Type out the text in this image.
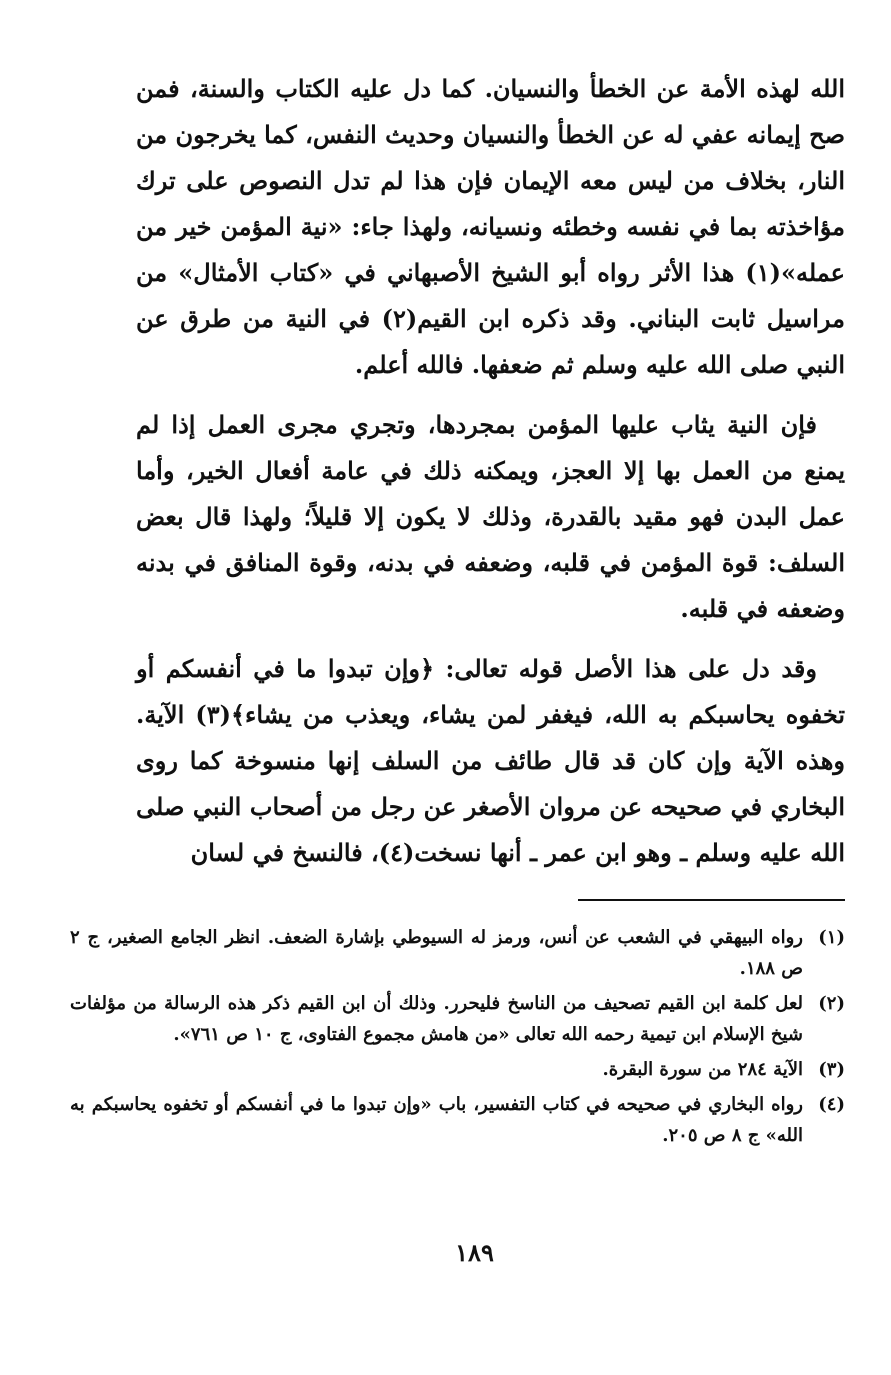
الله لهذه الأمة عن الخطأ والنسيان. كما دل عليه الكتاب والسنة، فمن صح إيمانه عفي له عن الخطأ والنسيان وحديث النفس، كما يخرجون من النار، بخلاف من ليس معه الإيمان فإن هذا لم تدل النصوص على ترك مؤاخذته بما في نفسه وخطئه ونسيانه، ولهذا جاء: «نية المؤمن خير من عمله»(١) هذا الأثر رواه أبو الشيخ الأصبهاني في «كتاب الأمثال» من مراسيل ثابت البناني. وقد ذكره ابن القيم(٢) في النية من طرق عن النبي صلى الله عليه وسلم ثم ضعفها. فالله أعلم.

فإن النية يثاب عليها المؤمن بمجردها، وتجري مجرى العمل إذا لم يمنع من العمل بها إلا العجز، ويمكنه ذلك في عامة أفعال الخير، وأما عمل البدن فهو مقيد بالقدرة، وذلك لا يكون إلا قليلاً؛ ولهذا قال بعض السلف: قوة المؤمن في قلبه، وضعفه في بدنه، وقوة المنافق في بدنه وضعفه في قلبه.

وقد دل على هذا الأصل قوله تعالى: ﴿وإن تبدوا ما في أنفسكم أو تخفوه يحاسبكم به الله، فيغفر لمن يشاء، ويعذب من يشاء﴾(٣) الآية. وهذه الآية وإن كان قد قال طائف من السلف إنها منسوخة كما روى البخاري في صحيحه عن مروان الأصغر عن رجل من أصحاب النبي صلى الله عليه وسلم ـ وهو ابن عمر ـ أنها نسخت(٤)، فالنسخ في لسان

(١)
رواه البيهقي في الشعب عن أنس، ورمز له السيوطي بإشارة الضعف. انظر الجامع الصغير، ج ٢ ص ١٨٨.
(٢)
لعل كلمة ابن القيم تصحيف من الناسخ فليحرر. وذلك أن ابن القيم ذكر هذه الرسالة من مؤلفات شيخ الإسلام ابن تيمية رحمه الله تعالى «من هامش مجموع الفتاوى، ج ١٠ ص ٧٦١».
(٣)
الآية ٢٨٤ من سورة البقرة.
(٤)
رواه البخاري في صحيحه في كتاب التفسير، باب «وإن تبدوا ما في أنفسكم أو تخفوه يحاسبكم به الله» ج ٨ ص ٢٠٥.
١٨٩
